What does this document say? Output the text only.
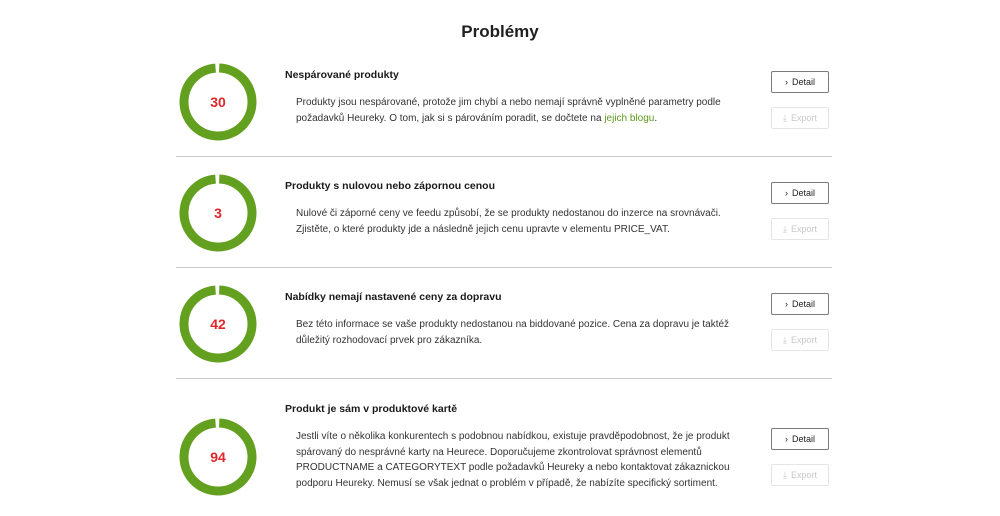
Problémy
30
Nespárované produkty
Produkty jsou nespárované, protože jim chybí a nebo nemají správně vyplněné parametry podle požadavků Heureky. O tom, jak si s párováním poradit, se dočtete na jejich blogu.
› Detail
⤓ Export
3
Produkty s nulovou nebo zápornou cenou
Nulové či záporné ceny ve feedu způsobí, že se produkty nedostanou do inzerce na srovnávači. Zjistěte, o které produkty jde a následně jejich cenu upravte v elementu PRICE_VAT.
› Detail
⤓ Export
42
Nabídky nemají nastavené ceny za dopravu
Bez této informace se vaše produkty nedostanou na biddované pozice. Cena za dopravu je taktéž důležitý rozhodovací prvek pro zákazníka.
› Detail
⤓ Export
94
Produkt je sám v produktové kartě
Jestli víte o několika konkurentech s podobnou nabídkou, existuje pravděpodobnost, že je produkt spárovaný do nesprávné karty na Heurece. Doporučujeme zkontrolovat správnost elementů PRODUCTNAME a CATEGORYTEXT podle požadavků Heureky a nebo kontaktovat zákaznickou podporu Heureky. Nemusí se však jednat o problém v případě, že nabízíte specifický sortiment.
› Detail
⤓ Export
